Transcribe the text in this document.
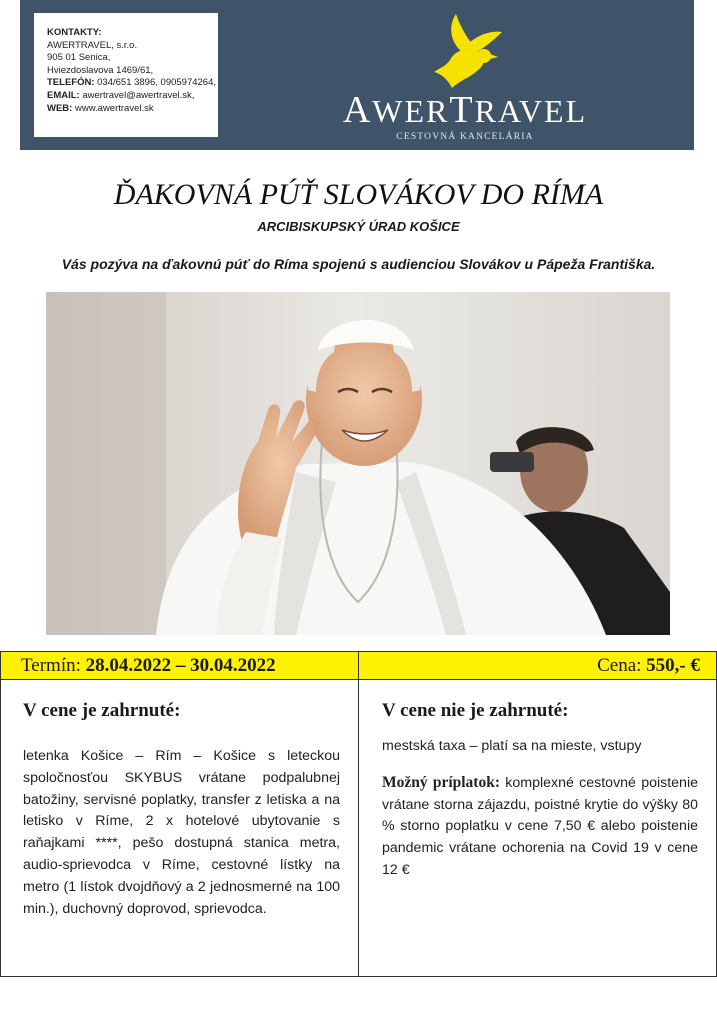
KONTAKTY:
AWERTRAVEL, s.r.o.
905 01 Senica,
Hviezdoslavova 1469/61,
TELEFÓN: 034/651 3896, 0905974264,
EMAIL: awertravel@awertravel.sk,
WEB: www.awertravel.sk	AWERTRAVEL
CESTOVNÁ KANCELÁRIA
ĎAKOVNÁ PÚŤ SLOVÁKOV DO RÍMA
ARCIBISKUPSKÝ ÚRAD KOŠICE
Vás pozýva na ďakovnú púť do Ríma spojenú s audienciou Slovákov u Pápeža Františka.
Termín: 28.04.2022 – 30.04.2022	Cena: 550,- €
V cene je zahrnuté:
letenka Košice – Rím – Košice s leteckou spoločnosťou SKYBUS vrátane podpalubnej batožiny, servisné poplatky, transfer z letiska a na letisko v Ríme, 2 x hotelové ubytovanie s raňajkami ****, pešo dostupná stanica metra, audio-sprievodca v Ríme, cestovné lístky na metro (1 lístok dvojdňový a 2 jednosmerné na 100 min.), duchovný doprovod, sprievodca.
V cene nie je zahrnuté:
mestská taxa – platí sa na mieste, vstupy
Možný príplatok: komplexné cestovné poistenie vrátane storna zájazdu, poistné krytie do výšky 80 % storno poplatku v cene 7,50 € alebo poistenie pandemic vrátane ochorenia na Covid 19 v cene 12 €
